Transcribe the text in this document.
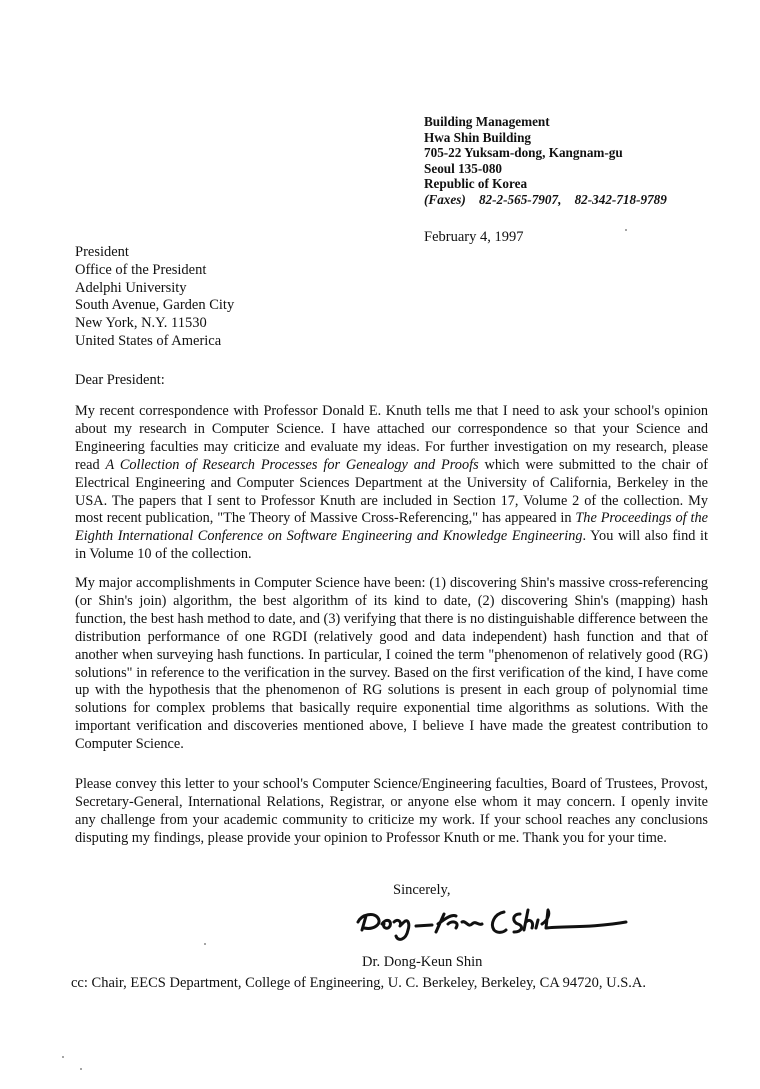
Building Management
Hwa Shin Building
705-22 Yuksam-dong, Kangnam-gu
Seoul 135-080
Republic of Korea
(Faxes) 82-2-565-7907, 82-342-718-9789
February 4, 1997
President
Office of the President
Adelphi University
South Avenue, Garden City
New York, N.Y. 11530
United States of America
Dear President:
My recent correspondence with Professor Donald E. Knuth tells me that I need to ask your school's opinion about my research in Computer Science. I have attached our correspondence so that your Science and Engineering faculties may criticize and evaluate my ideas. For further investigation on my research, please read A Collection of Research Processes for Genealogy and Proofs which were submitted to the chair of Electrical Engineering and Computer Sciences Department at the University of California, Berkeley in the USA. The papers that I sent to Professor Knuth are included in Section 17, Volume 2 of the collection. My most recent publication, "The Theory of Massive Cross-Referencing," has appeared in The Proceedings of the Eighth International Conference on Software Engineering and Knowledge Engineering. You will also find it in Volume 10 of the collection.
My major accomplishments in Computer Science have been: (1) discovering Shin's massive cross-referencing (or Shin's join) algorithm, the best algorithm of its kind to date, (2) discovering Shin's (mapping) hash function, the best hash method to date, and (3) verifying that there is no distinguishable difference between the distribution performance of one RGDI (relatively good and data independent) hash function and that of another when surveying hash functions. In particular, I coined the term "phenomenon of relatively good (RG) solutions" in reference to the verification in the survey. Based on the first verification of the kind, I have come up with the hypothesis that the phenomenon of RG solutions is present in each group of polynomial time solutions for complex problems that basically require exponential time algorithms as solutions. With the important verification and discoveries mentioned above, I believe I have made the greatest contribution to Computer Science.
Please convey this letter to your school's Computer Science/Engineering faculties, Board of Trustees, Provost, Secretary-General, International Relations, Registrar, or anyone else whom it may concern. I openly invite any challenge from your academic community to criticize my work. If your school reaches any conclusions disputing my findings, please provide your opinion to Professor Knuth or me. Thank you for your time.
Sincerely,
Dr. Dong-Keun Shin
cc: Chair, EECS Department, College of Engineering, U. C. Berkeley, Berkeley, CA 94720, U.S.A.
